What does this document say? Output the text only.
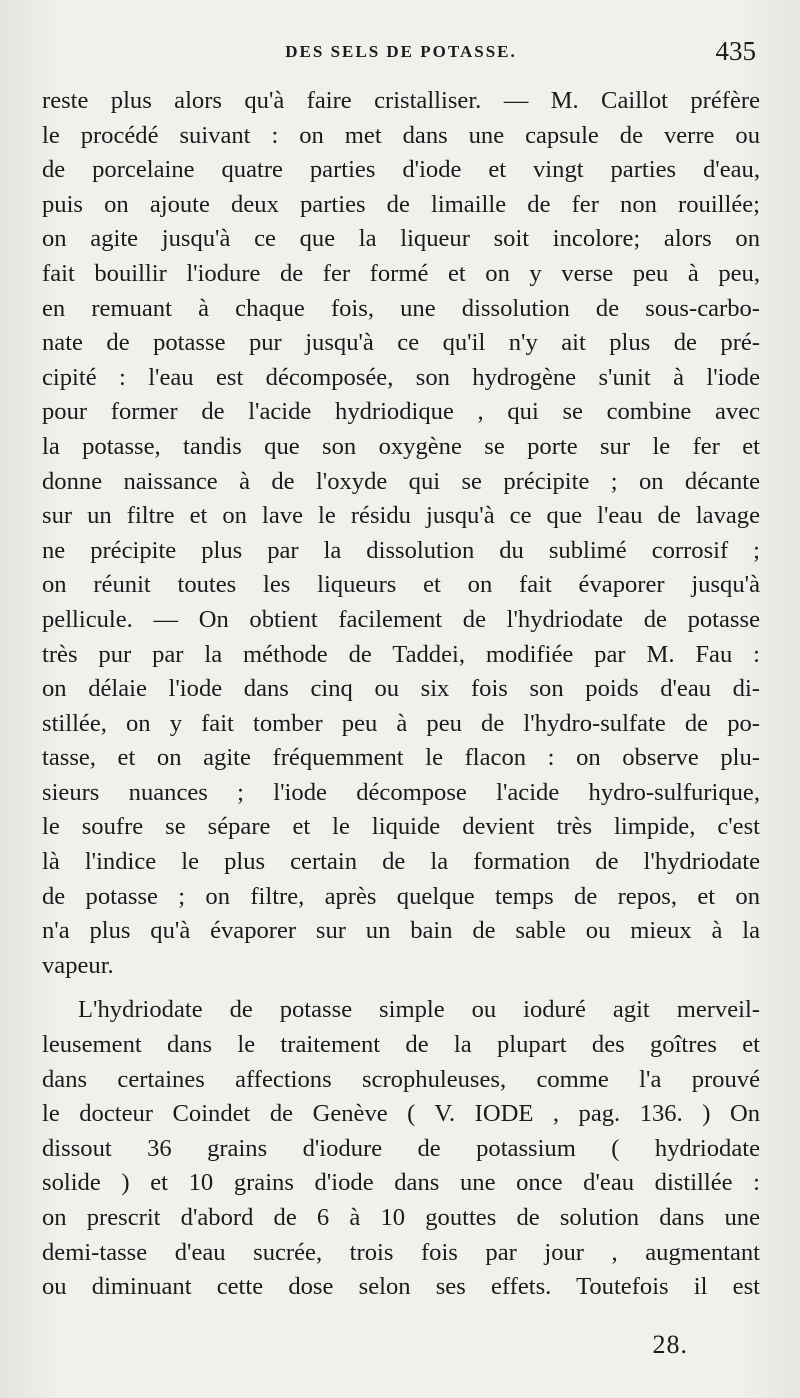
DES SELS DE POTASSE.	435
reste plus alors qu'à faire cristalliser. — M. Caillot préfère
le procédé suivant : on met dans une capsule de verre ou
de porcelaine quatre parties d'iode et vingt parties d'eau,
puis on ajoute deux parties de limaille de fer non rouillée;
on agite jusqu'à ce que la liqueur soit incolore; alors on
fait bouillir l'iodure de fer formé et on y verse peu à peu,
en remuant à chaque fois, une dissolution de sous-carbo-
nate de potasse pur jusqu'à ce qu'il n'y ait plus de pré-
cipité : l'eau est décomposée, son hydrogène s'unit à l'iode
pour former de l'acide hydriodique , qui se combine avec
la potasse, tandis que son oxygène se porte sur le fer et
donne naissance à de l'oxyde qui se précipite ; on décante
sur un filtre et on lave le résidu jusqu'à ce que l'eau de lavage
ne précipite plus par la dissolution du sublimé corrosif ;
on réunit toutes les liqueurs et on fait évaporer jusqu'à
pellicule. — On obtient facilement de l'hydriodate de potasse
très pur par la méthode de Taddei, modifiée par M. Fau :
on délaie l'iode dans cinq ou six fois son poids d'eau di-
stillée, on y fait tomber peu à peu de l'hydro-sulfate de po-
tasse, et on agite fréquemment le flacon : on observe plu-
sieurs nuances ; l'iode décompose l'acide hydro-sulfurique,
le soufre se sépare et le liquide devient très limpide, c'est
là l'indice le plus certain de la formation de l'hydriodate
de potasse ; on filtre, après quelque temps de repos, et on
n'a plus qu'à évaporer sur un bain de sable ou mieux à la
vapeur.
L'hydriodate de potasse simple ou ioduré agit merveil-
leusement dans le traitement de la plupart des goîtres et
dans certaines affections scrophuleuses, comme l'a prouvé
le docteur Coindet de Genève ( V. IODE , pag. 136. ) On
dissout 36 grains d'iodure de potassium ( hydriodate
solide ) et 10 grains d'iode dans une once d'eau distillée :
on prescrit d'abord de 6 à 10 gouttes de solution dans une
demi-tasse d'eau sucrée, trois fois par jour , augmentant
ou diminuant cette dose selon ses effets. Toutefois il est
28.
